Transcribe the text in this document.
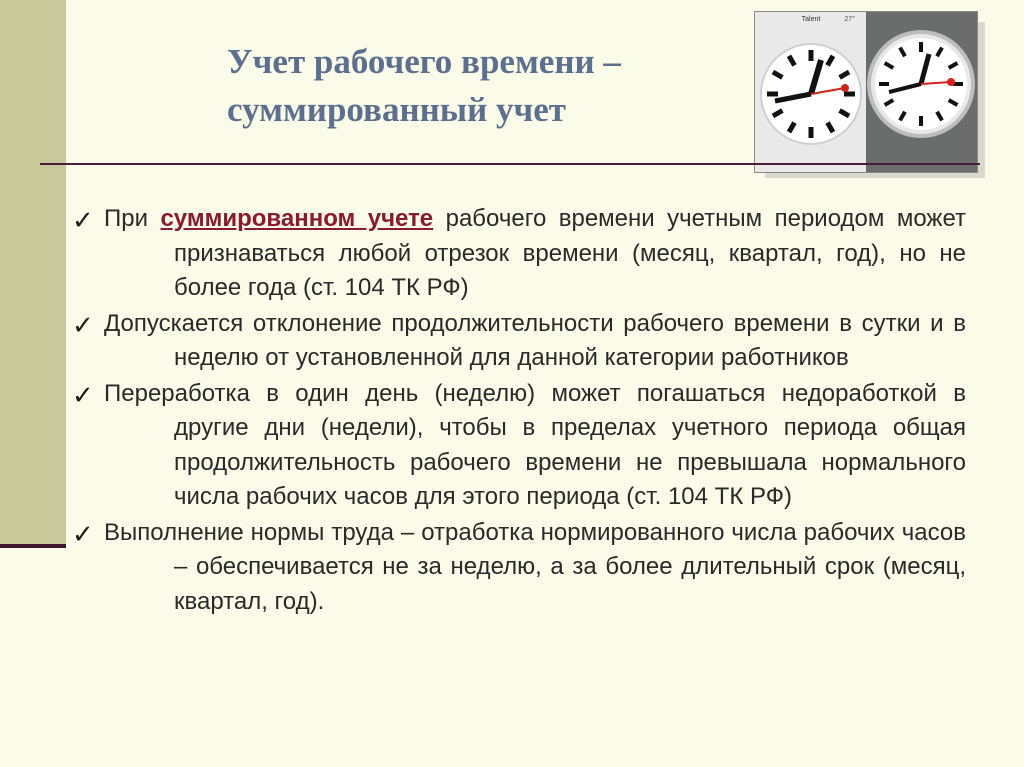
Учет рабочего времени –
суммированный учет
Talent	27°
✓ При суммированном учете рабочего времени учетным периодом может признаваться любой отрезок времени (месяц, квартал, год), но не более года (ст. 104 ТК РФ)
✓ Допускается отклонение продолжительности рабочего времени в сутки и в неделю от установленной для данной категории работников
✓ Переработка в один день (неделю) может погашаться недоработкой в другие дни (недели), чтобы в пределах учетного периода общая продолжительность рабочего времени не превышала нормального числа рабочих часов для этого периода (ст. 104 ТК РФ)
✓ Выполнение нормы труда – отработка нормированного числа рабочих часов – обеспечивается не за неделю, а за более длительный срок (месяц, квартал, год).
